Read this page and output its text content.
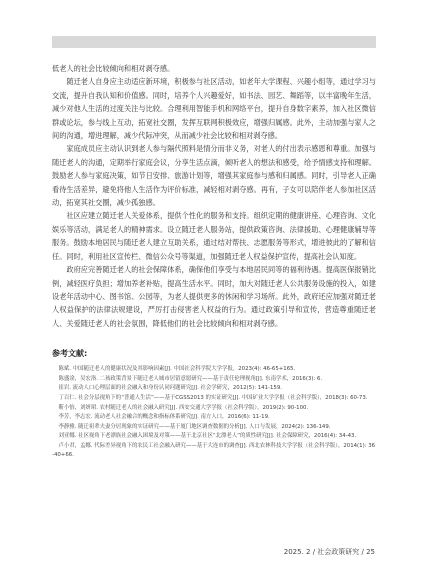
低老人的社会比较倾向和相对剥夺感。

随迁老人自身应主动适应新环境，积极参与社区活动，如老年大学课程、兴趣小组等，通过学习与交流，提升自我认知和价值感。同时，培养个人兴趣爱好，如书法、园艺、舞蹈等，以丰富晚年生活，减少对他人生活的过度关注与比较。合理利用智能手机和网络平台，提升自身数字素养，加入社区微信群或论坛，参与线上互动，拓宽社交圈，发挥互联网积极效应，增强归属感。此外，主动加强与家人之间的沟通，增进理解，减少代际冲突，从而减少社会比较和相对剥夺感。

家庭成员应主动认识到老人参与隔代照料是情分而非义务，对老人的付出表示感恩和尊重。加强与随迁老人的沟通，定期举行家庭会议，分享生活点滴，倾听老人的想法和感受，给予情感支持和理解。鼓励老人参与家庭决策，如节日安排、旅游计划等，增强其家庭参与感和归属感。同时，引导老人正确看待生活差异，避免将他人生活作为评价标准，减轻相对剥夺感。再有，子女可以陪伴老人参加社区活动，拓宽其社交圈，减少孤独感。

社区应建立随迁老人关爱体系，提供个性化的服务和支持。组织定期的健康讲座、心理咨询、文化娱乐等活动，满足老人的精神需求。设立随迁老人服务站，提供政策咨询、法律援助、心理健康辅导等服务。鼓励本地居民与随迁老人建立互助关系，通过结对帮扶、志愿服务等形式，增进彼此的了解和信任。同时，利用社区宣传栏、微信公众号等渠道，加强随迁老人权益保护宣传，提高社会认知度。

政府应完善随迁老人的社会保障体系，确保他们享受与本地居民同等的福利待遇。提高医保报销比例，减轻医疗负担；增加养老补贴，提高生活水平。同时，加大对随迁老人公共服务设施的投入，如建设老年活动中心、图书馆、公园等，为老人提供更多的休闲和学习场所。此外，政府还应加强对随迁老人权益保护的法律法规建设，严厉打击侵害老人权益的行为。通过政策引导和宣传，营造尊重随迁老人、关爱随迁老人的社会氛围，降低他们的社会比较倾向和相对剥夺感。

参考文献:
陈斌. 中国随迁老人的健康状况及其影响因素[J]. 中国社会科学院大学学报，2023(4): 46-65+165.
陈盛淦，吴宏洛. 二孩政策背景下随迁老人城市居留意愿研究——基于责任伦理视角[J]. 东南学术，2016(3): 6.
崔岩. 流动人口心理层面的社会融入和身份认同问题研究[J]. 社会学研究，2012(5): 141-159.
丁百仁. 社会分层视角下的“普通人生活”——基于CGSS2013 的实证研究[J]. 中国矿业大学学报（社会科学版），2018(3): 60-73.
靳小怡，刘妍珺. 农村随迁老人的社会融入研究[J]. 西安交通大学学报（社会科学版），2019(2): 90-100.
李芳，李志宏. 流动老人社会融合的概念和指标体系研究[J]. 南方人口，2016(6): 11-19.
李静雅. 随迁祖辈夫妻分居现象的实证研究——基于厦门地区调查数据的分析[J]. 人口与发展，2024(2): 136-149.
刘亚娜. 社区视角下老漂族社会融入困境及对策——基于北京社区“北漂老人”的质性研究[J]. 社会保障研究，2016(4): 34-43.
卢小君，孟娜. 代际差异视角下的农民工社会融入研究——基于大连市的调查[J]. 西北农林科技大学学报（社会科学版），2014(1): 36-40+66.
2025. 2 / 社会政策研究 / 25
